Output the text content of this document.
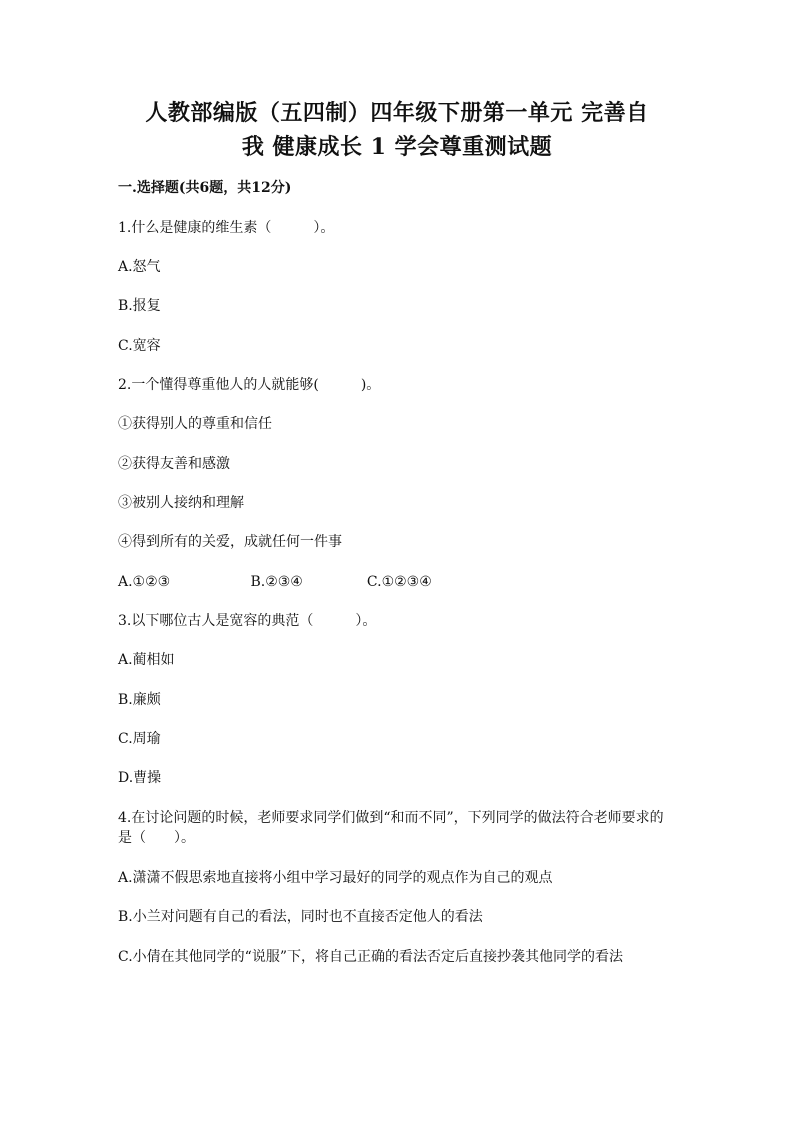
人教部编版（五四制）四年级下册第一单元 完善自
我 健康成长 1 学会尊重测试题
一.选择题(共6题，共12分)
1.什么是健康的维生素（　　　）。
A.怒气
B.报复
C.宽容
2.一个懂得尊重他人的人就能够(　　　)。
①获得别人的尊重和信任
②获得友善和感激
③被别人接纳和理解
④得到所有的关爱，成就任何一件事
A.①②③	B.②③④	C.①②③④
3.以下哪位古人是宽容的典范（　　　）。
A.蔺相如
B.廉颇
C.周瑜
D.曹操
4.在讨论问题的时候，老师要求同学们做到“和而不同”，下列同学的做法符合老师要求的是（　　）。
A.潇潇不假思索地直接将小组中学习最好的同学的观点作为自己的观点
B.小兰对问题有自己的看法，同时也不直接否定他人的看法
C.小倩在其他同学的“说服”下，将自己正确的看法否定后直接抄袭其他同学的看法
